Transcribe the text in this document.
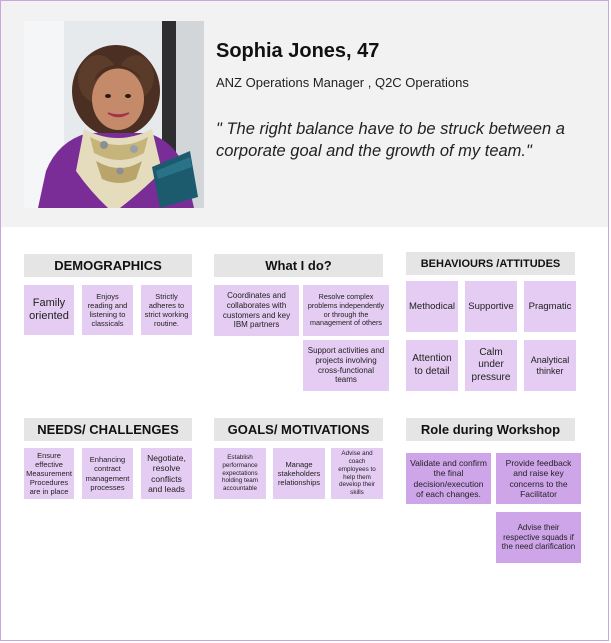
Sophia Jones, 47
ANZ Operations Manager , Q2C Operations
" The right balance have to be struck between a corporate goal and the growth of my team."
DEMOGRAPHICS
Family oriented
Enjoys reading and listening to classicals
Strictly adheres to strict working routine.
What I do?
Coordinates and collaborates with customers and key IBM partners
Resolve complex problems independently or through the management of others
Support activities and projects involving cross-functional teams
BEHAVIOURS /ATTITUDES
Methodical	Supportive	Pragmatic
Attention to detail
Calm under pressure
Analytical thinker
NEEDS/ CHALLENGES
Ensure effective Measurement Procedures are in place
Enhancing contract management processes
Negotiate, resolve conflicts and leads
GOALS/ MOTIVATIONS
Establish performance expectations holding team accountable
Manage stakeholders relationships
Advise and coach employees to help them develop their skills
Role during Workshop
Validate and confirm the final decision/execution of each changes.
Provide feedback and raise key concerns to the Facilitator
Advise their respective squads if the need clarification
